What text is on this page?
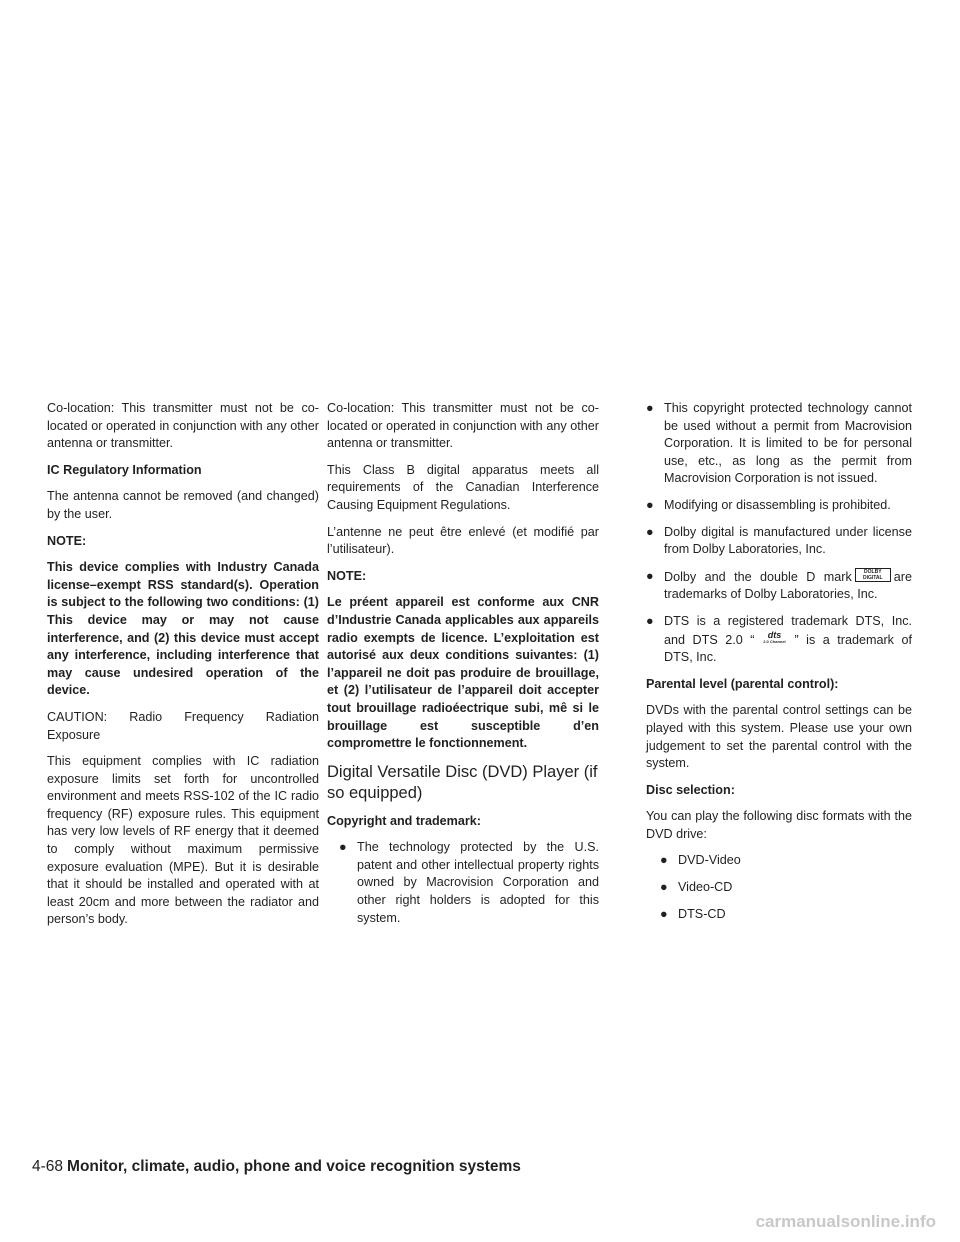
Co-location: This transmitter must not be co-located or operated in conjunction with any other antenna or transmitter.

IC Regulatory Information

The antenna cannot be removed (and changed) by the user.

NOTE:
This device complies with Industry Canada license–exempt RSS standard(s). Operation is subject to the following two conditions: (1) This device may or may not cause interference, and (2) this device must accept any interference, including interference that may cause undesired operation of the device.

CAUTION: Radio Frequency Radiation Exposure

This equipment complies with IC radiation exposure limits set forth for uncontrolled environment and meets RSS-102 of the IC radio frequency (RF) exposure rules. This equipment has very low levels of RF energy that it deemed to comply without maximum permissive exposure evaluation (MPE). But it is desirable that it should be installed and operated with at least 20cm and more between the radiator and person’s body.

Co-location: This transmitter must not be co-located or operated in conjunction with any other antenna or transmitter.

This Class B digital apparatus meets all requirements of the Canadian Interference Causing Equipment Regulations.

L’antenne ne peut être enlevé (et modifié par l’utilisateur).

NOTE:
Le préent appareil est conforme aux CNR d’Industrie Canada applicables aux appareils radio exempts de licence. L’exploitation est autorisé aux deux conditions suivantes: (1) l’appareil ne doit pas produire de brouillage, et (2) l’utilisateur de l’appareil doit accepter tout brouillage radioéectrique subi, mê si le brouillage est susceptible d’en compromettre le fonctionnement.
Digital Versatile Disc (DVD) Player (if so equipped)
Copyright and trademark:
● The technology protected by the U.S. patent and other intellectual property rights owned by Macrovision Corporation and other right holders is adopted for this system.
● This copyright protected technology cannot be used without a permit from Macrovision Corporation. It is limited to be for personal use, etc., as long as the permit from Macrovision Corporation is not issued.
● Modifying or disassembling is prohibited.
● Dolby digital is manufactured under license from Dolby Laboratories, Inc.
● Dolby and the double D mark DOLBY DIGITAL are trademarks of Dolby Laboratories, Inc.
● DTS is a registered trademark DTS, Inc. and DTS 2.0 “ dts
2.0 Channel ” is a trademark of DTS, Inc.
Parental level (parental control):

DVDs with the parental control settings can be played with this system. Please use your own judgement to set the parental control with the system.

Disc selection:

You can play the following disc formats with the DVD drive:

● DVD-Video
● Video-CD
● DTS-CD
4-68 Monitor, climate, audio, phone and voice recognition systems
carmanualsonline.info
